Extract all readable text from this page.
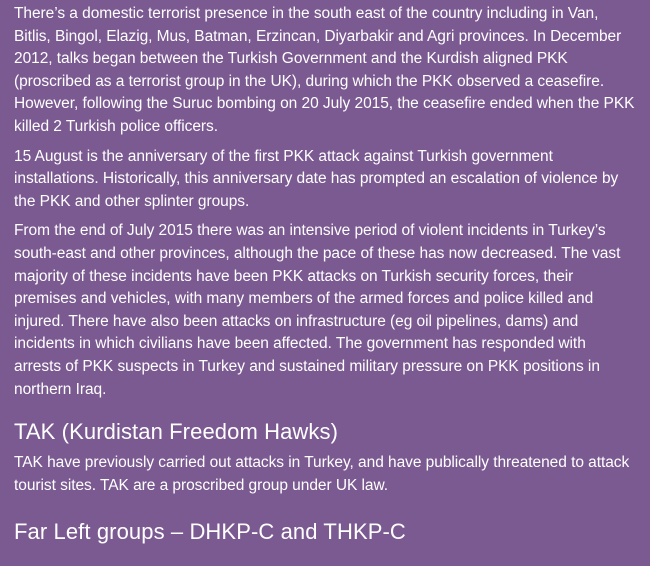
There’s a domestic terrorist presence in the south east of the country including in Van, Bitlis, Bingol, Elazig, Mus, Batman, Erzincan, Diyarbakir and Agri provinces. In December 2012, talks began between the Turkish Government and the Kurdish aligned PKK (proscribed as a terrorist group in the UK), during which the PKK observed a ceasefire. However, following the Suruc bombing on 20 July 2015, the ceasefire ended when the PKK killed 2 Turkish police officers.

15 August is the anniversary of the first PKK attack against Turkish government installations. Historically, this anniversary date has prompted an escalation of violence by the PKK and other splinter groups.

From the end of July 2015 there was an intensive period of violent incidents in Turkey’s south-east and other provinces, although the pace of these has now decreased. The vast majority of these incidents have been PKK attacks on Turkish security forces, their premises and vehicles, with many members of the armed forces and police killed and injured. There have also been attacks on infrastructure (eg oil pipelines, dams) and incidents in which civilians have been affected. The government has responded with arrests of PKK suspects in Turkey and sustained military pressure on PKK positions in northern Iraq.

TAK (Kurdistan Freedom Hawks)

TAK have previously carried out attacks in Turkey, and have publically threatened to attack tourist sites. TAK are a proscribed group under UK law.

Far Left groups – DHKP-C and THKP-C
